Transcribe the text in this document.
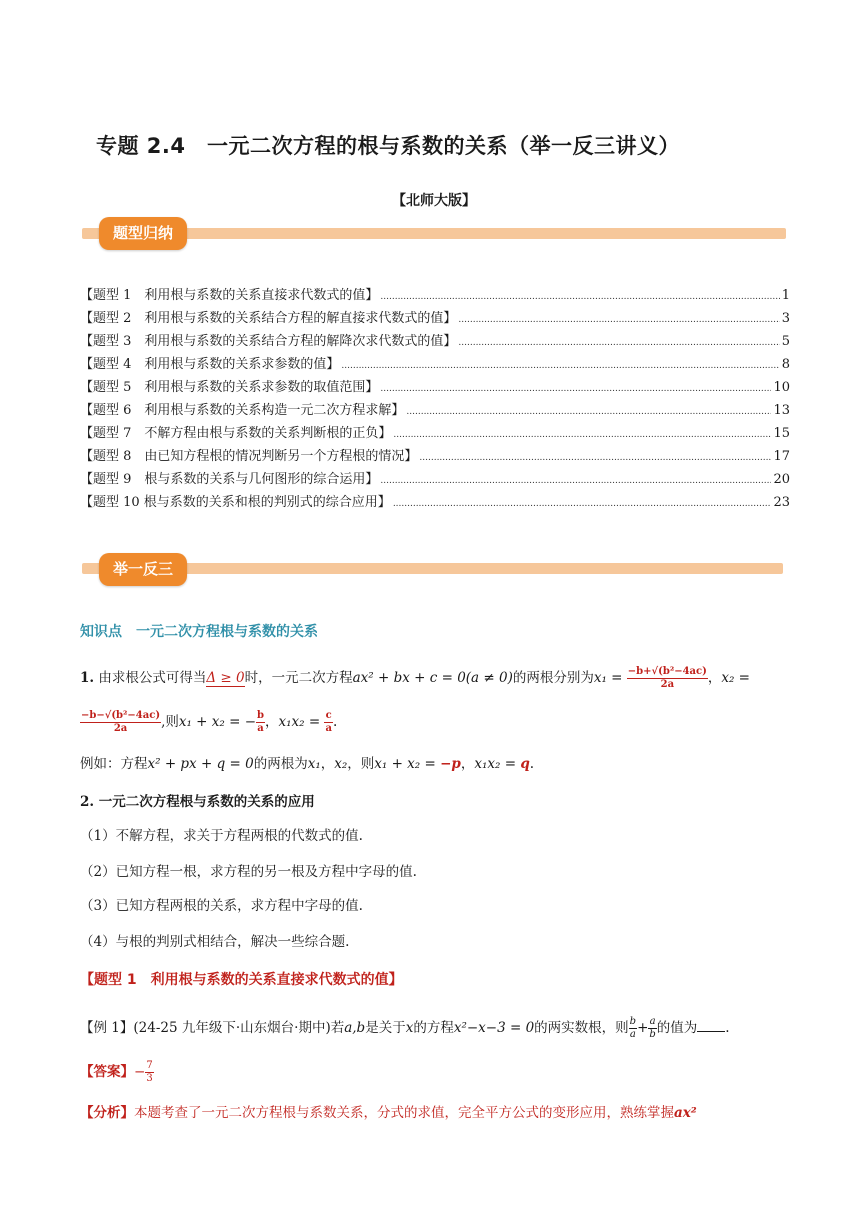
专题 2.4　一元二次方程的根与系数的关系（举一反三讲义）
【北师大版】
题型归纳
【题型 1　利用根与系数的关系直接求代数式的值】 .....	1
【题型 2　利用根与系数的关系结合方程的解直接求代数式的值】 .....	3
【题型 3　利用根与系数的关系结合方程的解降次求代数式的值】 .....	5
【题型 4　利用根与系数的关系求参数的值】 .....	8
【题型 5　利用根与系数的关系求参数的取值范围】 .....	10
【题型 6　利用根与系数的关系构造一元二次方程求解】 .....	13
【题型 7　不解方程由根与系数的关系判断根的正负】 .....	15
【题型 8　由已知方程根的情况判断另一个方程根的情况】 .....	17
【题型 9　根与系数的关系与几何图形的综合运用】 .....	20
【题型 10 根与系数的关系和根的判别式的综合应用】 .....	23
举一反三
知识点　一元二次方程根与系数的关系
1. 由求根公式可得当Δ ≥ 0时，一元二次方程ax² + bx + c = 0(a ≠ 0)的两根分别为$x_1 = \frac{\text{−b+√(b²−4ac)}}{2a}$ ，x₂ =
$\frac{\text{−b−√(b²−4ac)}}{2a}$ ,则x₁ + x₂ = − $\frac{b}{a}$ ，$x_1x_2 = \frac{c}{a}$ .
例如：方程x² + px + q = 0的两根为x₁，x₂，则x₁ + x₂ = −p，x₁x₂ = q.
2. 一元二次方程根与系数的关系的应用
（1）不解方程，求关于方程两根的代数式的值.
（2）已知方程一根，求方程的另一根及方程中字母的值.
（3）已知方程两根的关系，求方程中字母的值.
（4）与根的判别式相结合，解决一些综合题.
【题型 1　利用根与系数的关系直接求代数式的值】
【例 1】(24-25 九年级下·山东烟台·期中)若a,b是关于x的方程x²−x−3 = 0的两实数根，则 $\frac{b}{a} + \frac{a}{b}$ 的值为 .
【答案】− $\frac{7}{3}$
【分析】本题考查了一元二次方程根与系数关系，分式的求值，完全平方公式的变形应用，熟练掌握ax²
